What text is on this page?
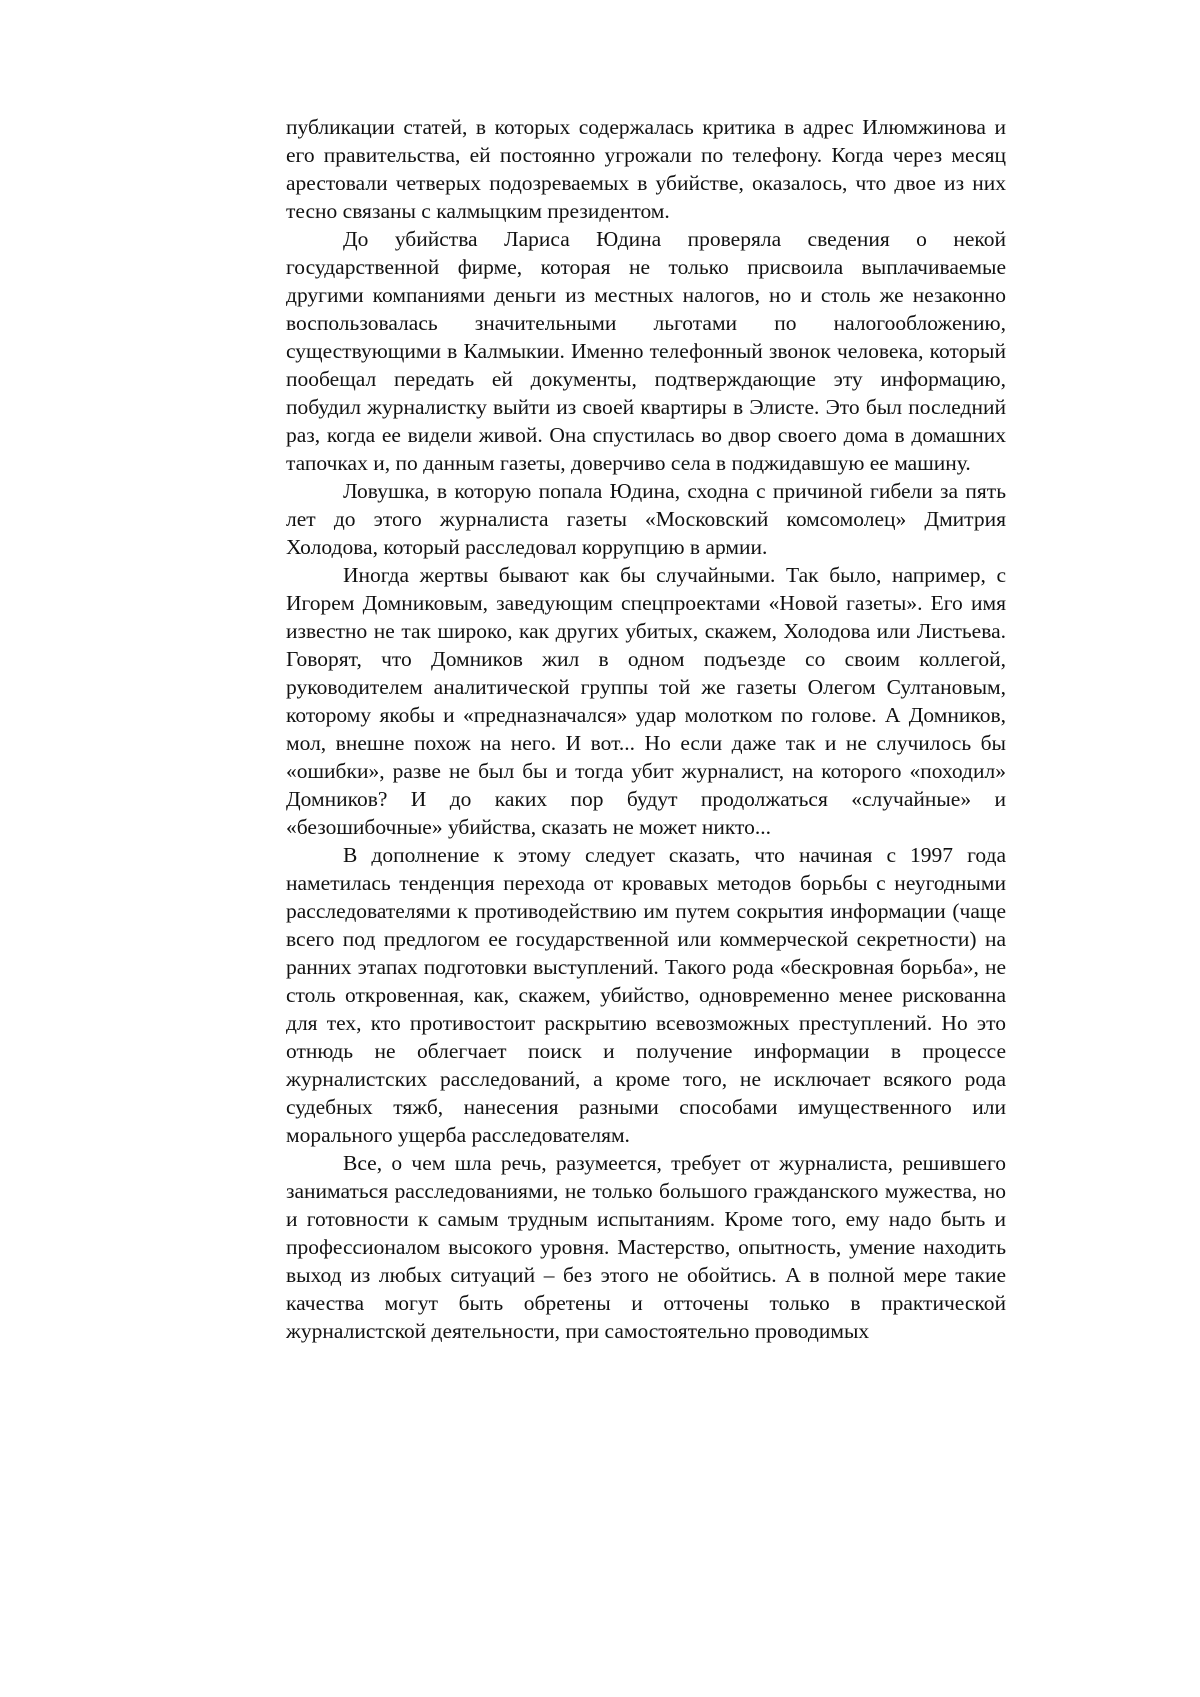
публикации статей, в которых содержалась критика в адрес Илюмжинова и его правительства, ей постоянно угрожали по телефону. Когда через месяц арестовали четверых подозреваемых в убийстве, оказалось, что двое из них тесно связаны с калмыцким президентом.

До убийства Лариса Юдина проверяла сведения о некой государственной фирме, которая не только присвоила выплачиваемые другими компаниями деньги из местных налогов, но и столь же незаконно воспользовалась значительными льготами по налогообложению, существующими в Калмыкии. Именно телефонный звонок человека, который пообещал передать ей документы, подтверждающие эту информацию, побудил журналистку выйти из своей квартиры в Элисте. Это был последний раз, когда ее видели живой. Она спустилась во двор своего дома в домашних тапочках и, по данным газеты, доверчиво села в поджидавшую ее машину.

Ловушка, в которую попала Юдина, сходна с причиной гибели за пять лет до этого журналиста газеты «Московский комсомолец» Дмитрия Холодова, который расследовал коррупцию в армии.

Иногда жертвы бывают как бы случайными. Так было, например, с Игорем Домниковым, заведующим спецпроектами «Новой газеты». Его имя известно не так широко, как других убитых, скажем, Холодова или Листьева. Говорят, что Домников жил в одном подъезде со своим коллегой, руководителем аналитической группы той же газеты Олегом Султановым, которому якобы и «предназначался» удар молотком по голове. А Домников, мол, внешне похож на него. И вот... Но если даже так и не случилось бы «ошибки», разве не был бы и тогда убит журналист, на которого «походил» Домников? И до каких пор будут продолжаться «случайные» и «безошибочные» убийства, сказать не может никто...

В дополнение к этому следует сказать, что начиная с 1997 года наметилась тенденция перехода от кровавых методов борьбы с неугодными расследователями к противодействию им путем сокрытия информации (чаще всего под предлогом ее государственной или коммерческой секретности) на ранних этапах подготовки выступлений. Такого рода «бескровная борьба», не столь откровенная, как, скажем, убийство, одновременно менее рискованна для тех, кто противостоит раскрытию всевозможных преступлений. Но это отнюдь не облегчает поиск и получение информации в процессе журналистских расследований, а кроме того, не исключает всякого рода судебных тяжб, нанесения разными способами имущественного или морального ущерба расследователям.

Все, о чем шла речь, разумеется, требует от журналиста, решившего заниматься расследованиями, не только большого гражданского мужества, но и готовности к самым трудным испытаниям. Кроме того, ему надо быть и профессионалом высокого уровня. Мастерство, опытность, умение находить выход из любых ситуаций – без этого не обойтись. А в полной мере такие качества могут быть обретены и отточены только в практической журналистской деятельности, при самостоятельно проводимых
